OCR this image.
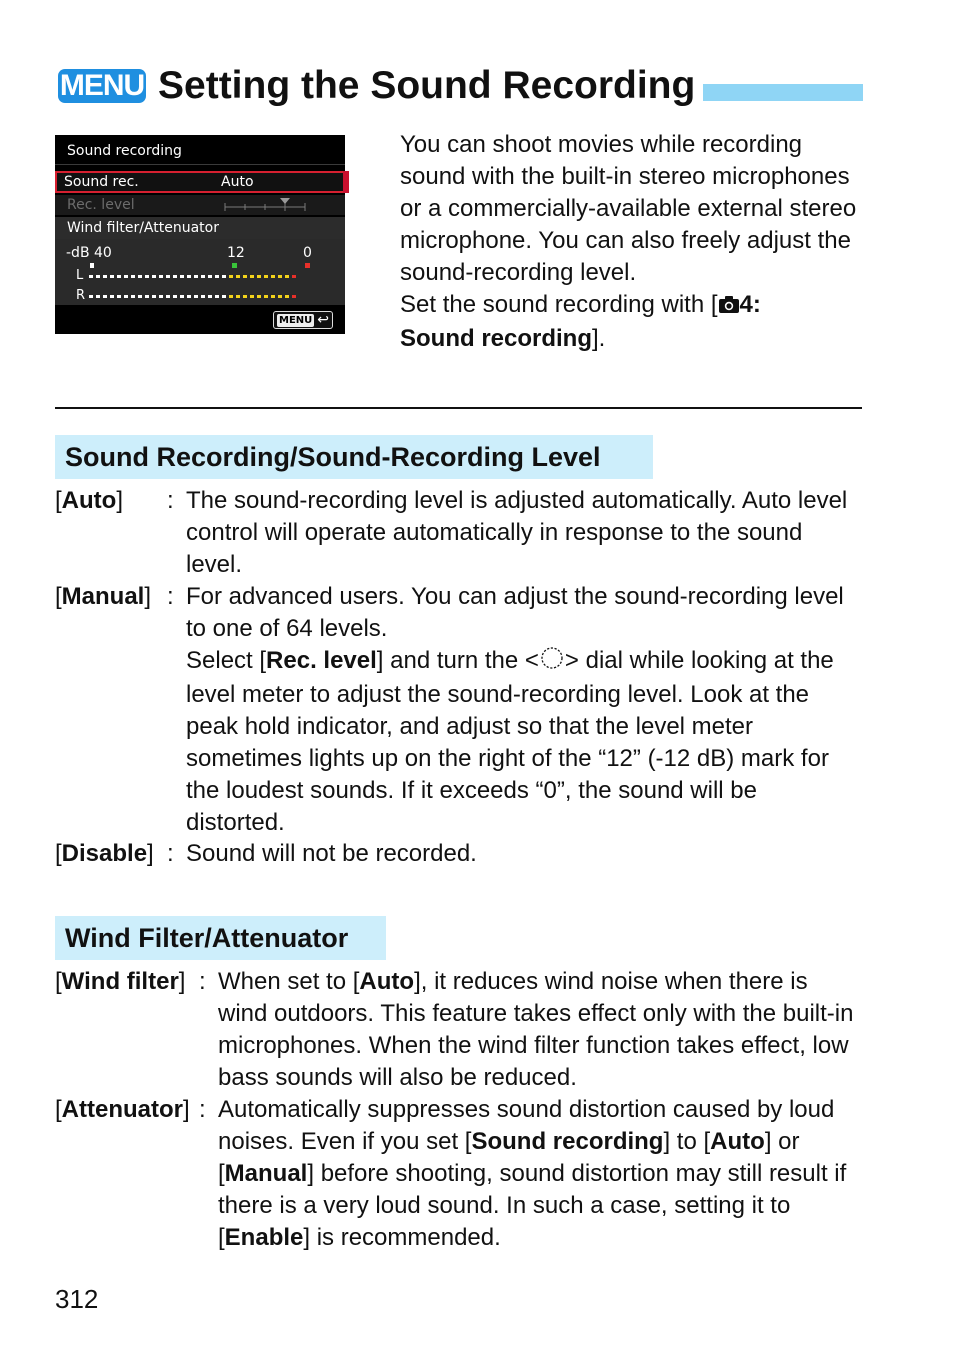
MENU Setting the Sound Recording
Sound recording
Sound rec.	Auto
Rec. level
Wind filter/Attenuator
-dB 40	12	0
L
R
MENU ↩

You can shoot movies while recording sound with the built-in stereo microphones or a commercially-available external stereo microphone. You can also freely adjust the sound-recording level.

Set the sound recording with [ 4:
Sound recording].

Sound Recording/Sound-Recording Level
[Auto] : The sound-recording level is adjusted automatically. Auto level control will operate automatically in response to the sound level.
[Manual] : For advanced users. You can adjust the sound-recording level to one of 64 levels.
Select [Rec. level] and turn the < > dial while looking at the level meter to adjust the sound-recording level. Look at the peak hold indicator, and adjust so that the level meter sometimes lights up on the right of the “12” (-12 dB) mark for the loudest sounds. If it exceeds “0”, the sound will be distorted.
[Disable] : Sound will not be recorded.
Wind Filter/Attenuator
[Wind filter] : When set to [Auto], it reduces wind noise when there is wind outdoors. This feature takes effect only with the built-in microphones. When the wind filter function takes effect, low bass sounds will also be reduced.
[Attenuator] : Automatically suppresses sound distortion caused by loud noises. Even if you set [Sound recording] to [Auto] or [Manual] before shooting, sound distortion may still result if there is a very loud sound. In such a case, setting it to [Enable] is recommended.
312
